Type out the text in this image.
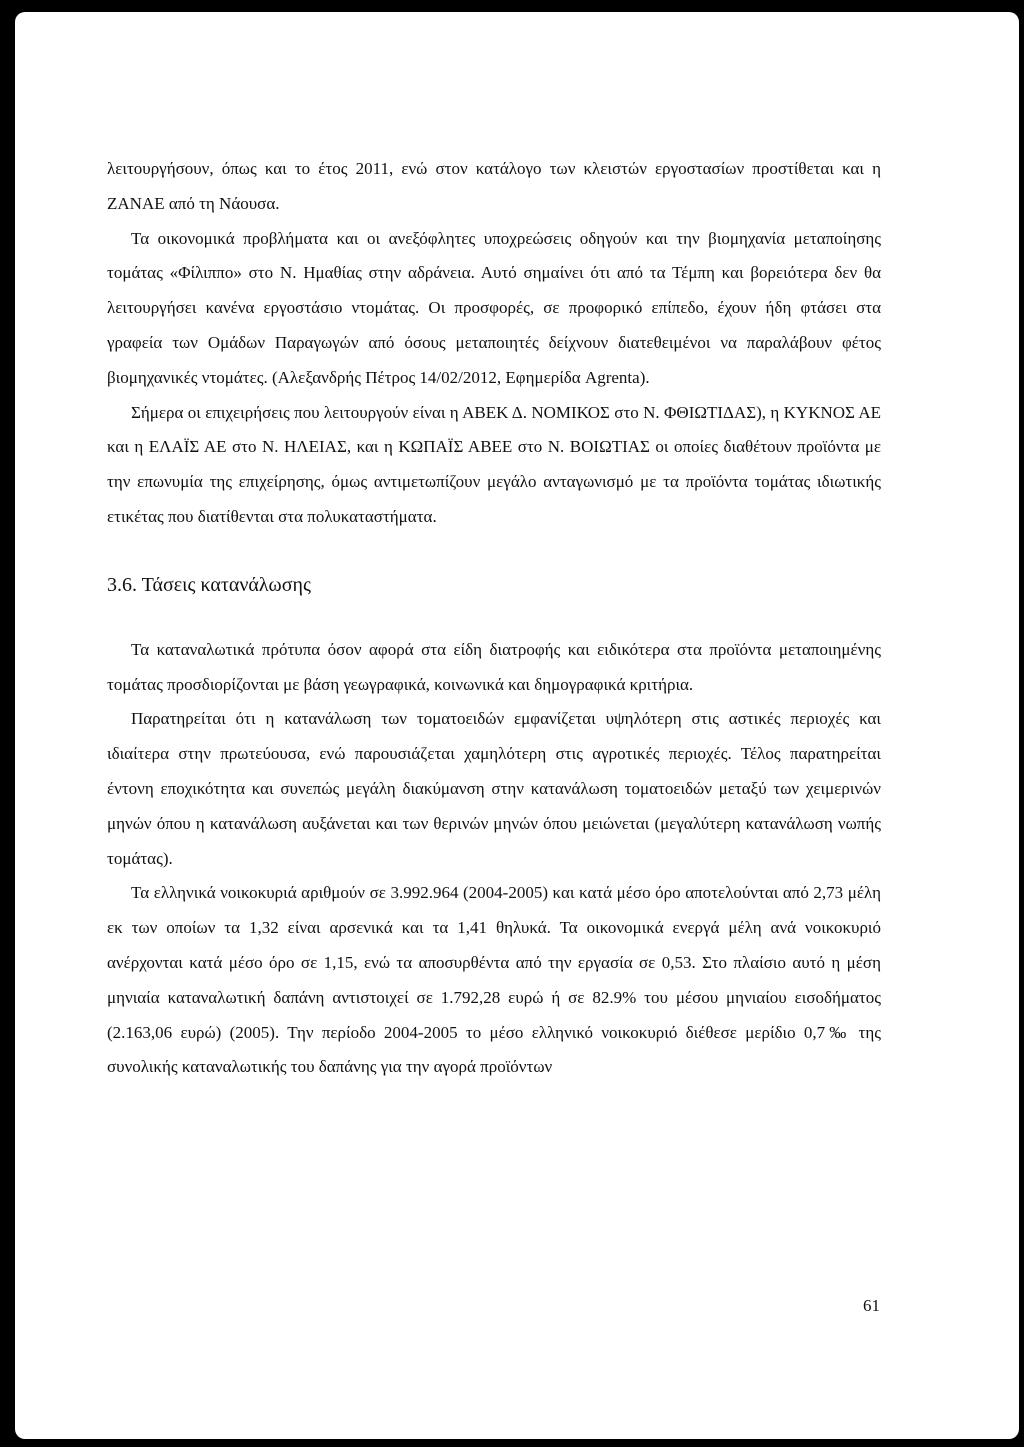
λειτουργήσουν, όπως και το έτος 2011, ενώ στον κατάλογο των κλειστών εργοστασίων προστίθεται και η ΖΑΝΑΕ από τη Νάουσα.

Τα οικονομικά προβλήματα και οι ανεξόφλητες υποχρεώσεις οδηγούν και την βιομηχανία μεταποίησης τομάτας «Φίλιππο» στο Ν. Ημαθίας στην αδράνεια. Αυτό σημαίνει ότι από τα Τέμπη και βορειότερα δεν θα λειτουργήσει κανένα εργοστάσιο ντομάτας. Οι προσφορές, σε προφορικό επίπεδο, έχουν ήδη φτάσει στα γραφεία των Ομάδων Παραγωγών από όσους μεταποιητές δείχνουν διατεθειμένοι να παραλάβουν φέτος βιομηχανικές ντομάτες. (Αλεξανδρής Πέτρος 14/02/2012, Εφημερίδα Agrenta).

Σήμερα οι επιχειρήσεις που λειτουργούν είναι η ΑΒΕΚ Δ. ΝΟΜΙΚΟΣ στο Ν. ΦΘΙΩΤΙΔΑΣ), η ΚΥΚΝΟΣ ΑΕ και η ΕΛΑΪΣ ΑΕ στο Ν. ΗΛΕΙΑΣ, και η ΚΩΠΑΪΣ ΑΒΕΕ στο Ν. ΒΟΙΩΤΙΑΣ οι οποίες διαθέτουν προϊόντα με την επωνυμία της επιχείρησης, όμως αντιμετωπίζουν μεγάλο ανταγωνισμό με τα προϊόντα τομάτας ιδιωτικής ετικέτας που διατίθενται στα πολυκαταστήματα.

3.6. Τάσεις κατανάλωσης

Τα καταναλωτικά πρότυπα όσον αφορά στα είδη διατροφής και ειδικότερα στα προϊόντα μεταποιημένης τομάτας προσδιορίζονται με βάση γεωγραφικά, κοινωνικά και δημογραφικά κριτήρια.

Παρατηρείται ότι η κατανάλωση των τοματοειδών εμφανίζεται υψηλότερη στις αστικές περιοχές και ιδιαίτερα στην πρωτεύουσα, ενώ παρουσιάζεται χαμηλότερη στις αγροτικές περιοχές. Τέλος παρατηρείται έντονη εποχικότητα και συνεπώς μεγάλη διακύμανση στην κατανάλωση τοματοειδών μεταξύ των χειμερινών μηνών όπου η κατανάλωση αυξάνεται και των θερινών μηνών όπου μειώνεται (μεγαλύτερη κατανάλωση νωπής τομάτας).

Τα ελληνικά νοικοκυριά αριθμούν σε 3.992.964 (2004-2005) και κατά μέσο όρο αποτελούνται από 2,73 μέλη εκ των οποίων τα 1,32 είναι αρσενικά και τα 1,41 θηλυκά. Τα οικονομικά ενεργά μέλη ανά νοικοκυριό ανέρχονται κατά μέσο όρο σε 1,15, ενώ τα αποσυρθέντα από την εργασία σε 0,53. Στο πλαίσιο αυτό η μέση μηνιαία καταναλωτική δαπάνη αντιστοιχεί σε 1.792,28 ευρώ ή σε 82.9% του μέσου μηνιαίου εισοδήματος (2.163,06 ευρώ) (2005). Την περίοδο 2004-2005 το μέσο ελληνικό νοικοκυριό διέθεσε μερίδιο 0,7‰ της συνολικής καταναλωτικής του δαπάνης για την αγορά προϊόντων

61
